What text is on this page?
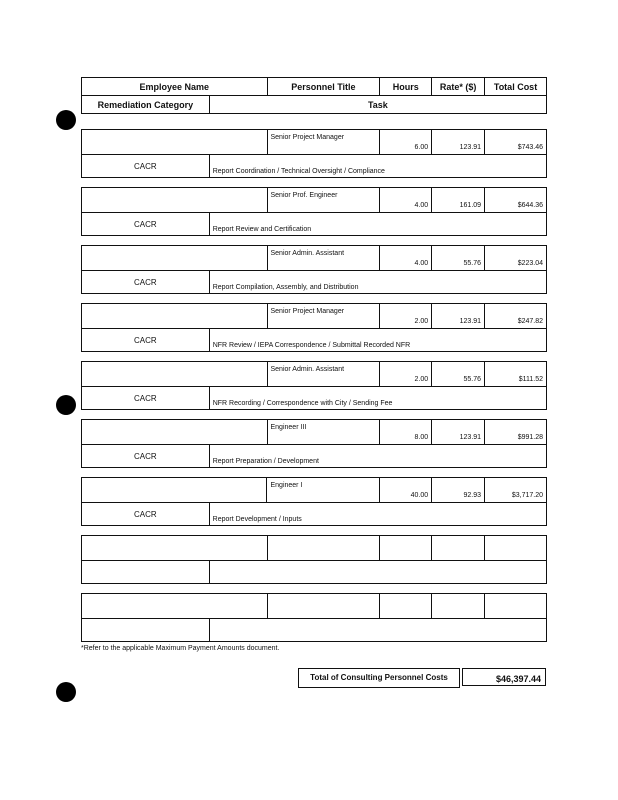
Employee Name		Personnel Title	Hours	Rate* ($)	Total Cost
Remediation Category	Task				
		Senior Project Manager	6.00	123.91	$743.46
CACR	Report Coordination / Technical Oversight / Compliance				
		Senior Prof. Engineer	4.00	161.09	$644.36
CACR	Report Review and Certification				
		Senior Admin. Assistant	4.00	55.76	$223.04
CACR	Report Compilation, Assembly, and Distribution				
		Senior Project Manager	2.00	123.91	$247.82
CACR	NFR Review / IEPA Correspondence / Submittal Recorded NFR				
		Senior Admin. Assistant	2.00	55.76	$111.52
CACR	NFR Recording / Correspondence with City / Sending Fee				
		Engineer III	8.00	123.91	$991.28
CACR	Report Preparation / Development				
		Engineer I	40.00	92.93	$3,717.20
CACR	Report Development / Inputs				

*Refer to the applicable Maximum Payment Amounts document.
Total of Consulting Personnel Costs	$46,397.44
